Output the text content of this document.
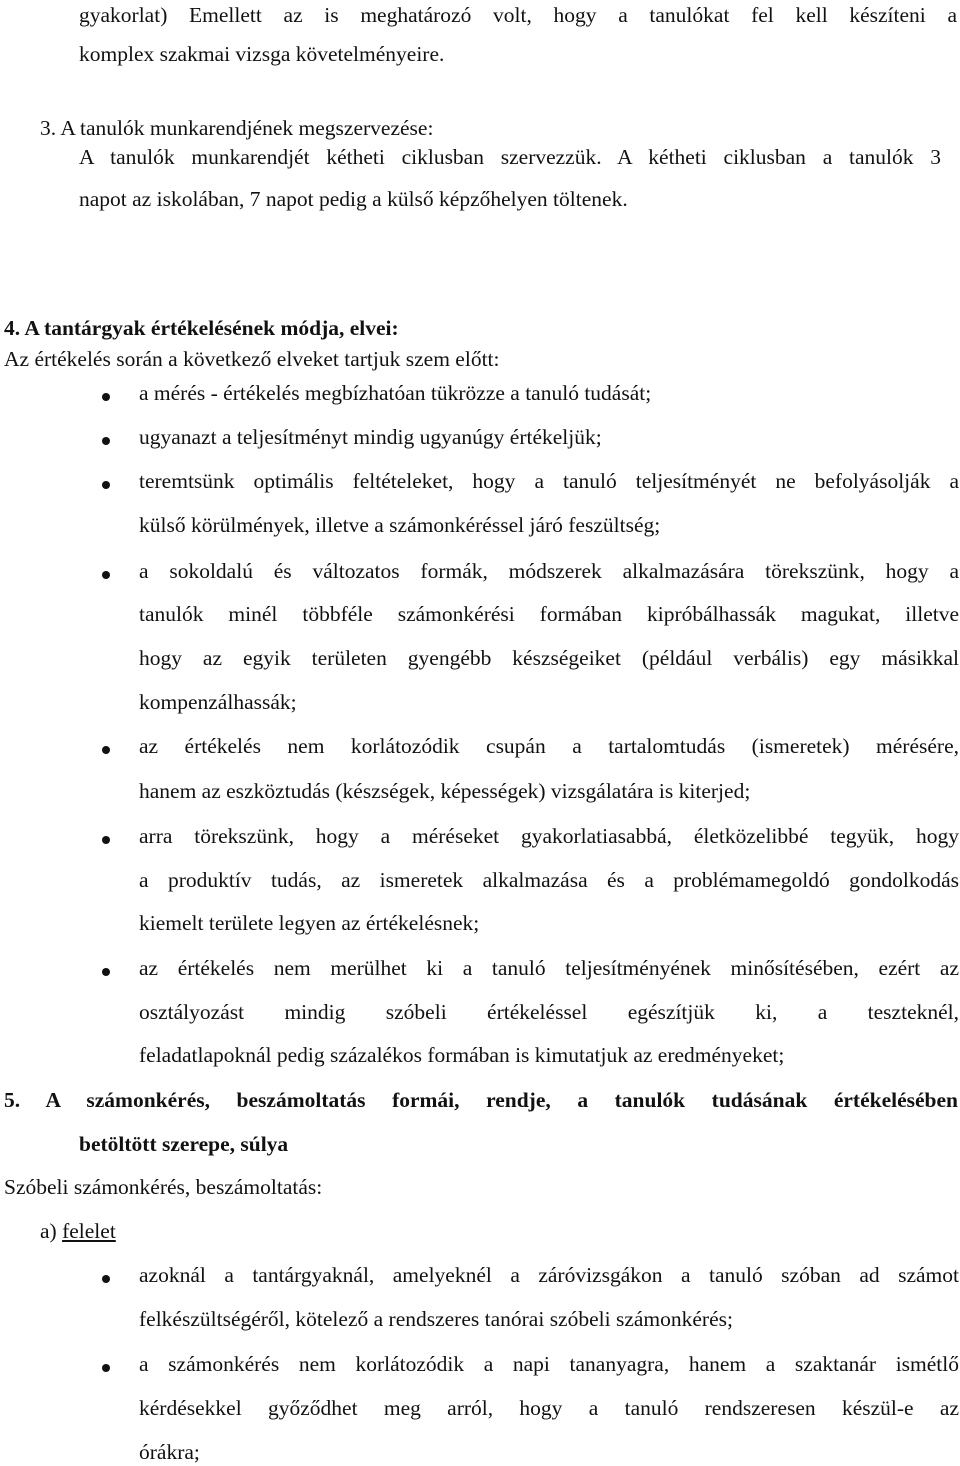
gyakorlat) Emellett az is meghatározó volt, hogy a tanulókat fel kell készíteni a
komplex szakmai vizsga követelményeire.
3. A tanulók munkarendjének megszervezése:
A tanulók munkarendjét kétheti ciklusban szervezzük. A kétheti ciklusban a tanulók 3
napot az iskolában, 7 napot pedig a külső képzőhelyen töltenek.
4. A tantárgyak értékelésének módja, elvei:
Az értékelés során a következő elveket tartjuk szem előtt:
a mérés - értékelés megbízhatóan tükrözze a tanuló tudását;
ugyanazt a teljesítményt mindig ugyanúgy értékeljük;
teremtsünk optimális feltételeket, hogy a tanuló teljesítményét ne befolyásolják a
külső körülmények, illetve a számonkéréssel járó feszültség;
a sokoldalú és változatos formák, módszerek alkalmazására törekszünk, hogy a
tanulók minél többféle számonkérési formában kipróbálhassák magukat, illetve
hogy az egyik területen gyengébb készségeiket (például verbális) egy másikkal
kompenzálhassák;
az értékelés nem korlátozódik csupán a tartalomtudás (ismeretek) mérésére,
hanem az eszköztudás (készségek, képességek) vizsgálatára is kiterjed;
arra törekszünk, hogy a méréseket gyakorlatiasabbá, életközelibbé tegyük, hogy
a produktív tudás, az ismeretek alkalmazása és a problémamegoldó gondolkodás
kiemelt területe legyen az értékelésnek;
az értékelés nem merülhet ki a tanuló teljesítményének minősítésében, ezért az
osztályozást mindig szóbeli értékeléssel egészítjük ki, a teszteknél,
feladatlapoknál pedig százalékos formában is kimutatjuk az eredményeket;
5. A számonkérés, beszámoltatás formái, rendje, a tanulók tudásának értékelésében
betöltött szerepe, súlya
Szóbeli számonkérés, beszámoltatás:
a) felelet
azoknál a tantárgyaknál, amelyeknél a záróvizsgákon a tanuló szóban ad számot
felkészültségéről, kötelező a rendszeres tanórai szóbeli számonkérés;
a számonkérés nem korlátozódik a napi tananyagra, hanem a szaktanár ismétlő
kérdésekkel győződhet meg arról, hogy a tanuló rendszeresen készül-e az
órákra;
